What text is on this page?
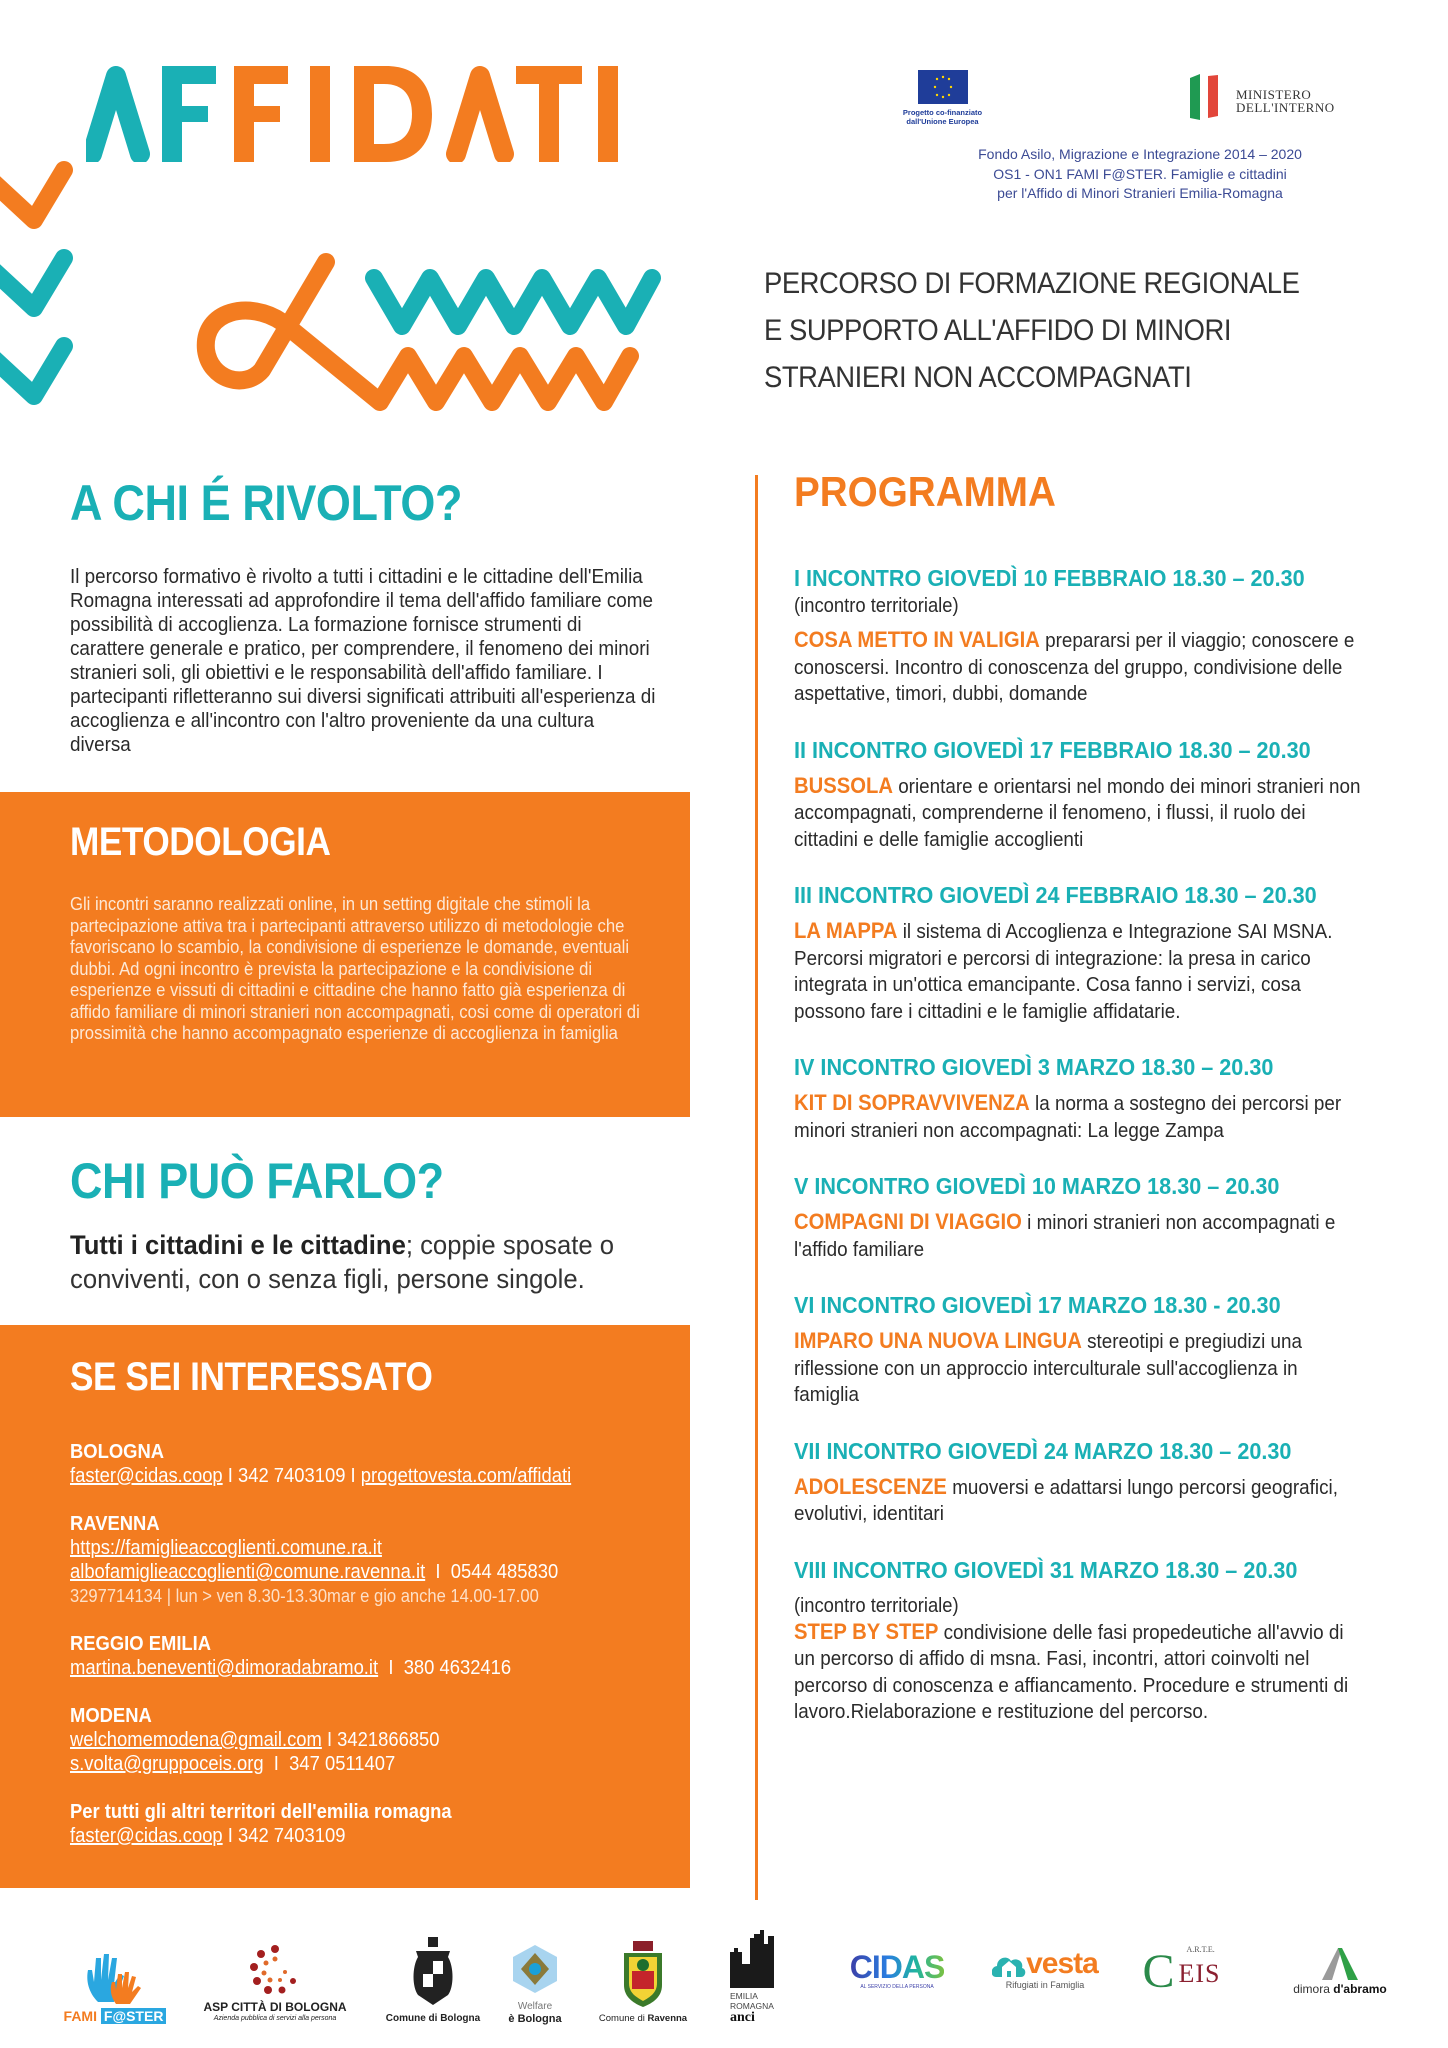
Progetto co-finanziato
dall'Unione Europea
MINISTERO
DELL'INTERNO
Fondo Asilo, Migrazione e Integrazione 2014 – 2020
OS1 - ON1 FAMI F@STER. Famiglie e cittadini
per l'Affido di Minori Stranieri Emilia-Romagna
PERCORSO DI FORMAZIONE REGIONALE
E SUPPORTO ALL'AFFIDO DI MINORI
STRANIERI NON ACCOMPAGNATI
A CHI É RIVOLTO?
Il percorso formativo è rivolto a tutti i cittadini e le cittadine dell'Emilia Romagna interessati ad approfondire il tema dell'affido familiare come possibilità di accoglienza. La formazione fornisce strumenti di carattere generale e pratico, per comprendere, il fenomeno dei minori stranieri soli, gli obiettivi e le responsabilità dell'affido familiare. I partecipanti rifletteranno sui diversi significati attribuiti all'esperienza di accoglienza e all'incontro con l'altro proveniente da una cultura diversa
METODOLOGIA
Gli incontri saranno realizzati online, in un setting digitale che stimoli la partecipazione attiva tra i partecipanti attraverso utilizzo di metodologie che favoriscano lo scambio, la condivisione di esperienze le domande, eventuali dubbi. Ad ogni incontro è prevista la partecipazione e la condivisione di esperienze e vissuti di cittadini e cittadine che hanno fatto già esperienza di affido familiare di minori stranieri non accompagnati, cosi come di operatori di prossimità che hanno accompagnato esperienze di accoglienza in famiglia
CHI PUÒ FARLO?
Tutti i cittadini e le cittadine; coppie sposate o conviventi, con o senza figli, persone singole.
SE SEI INTERESSATO
BOLOGNA
faster@cidas.coop I 342 7403109 I progettovesta.com/affidati
RAVENNA
https://famiglieaccoglienti.comune.ra.it
albofamiglieaccoglienti@comune.ravenna.it  I  0544 485830
3297714134 | lun > ven 8.30-13.30mar e gio anche 14.00-17.00
REGGIO EMILIA
martina.beneventi@dimoradabramo.it  I  380 4632416
MODENA
welchomemodena@gmail.com I 3421866850
s.volta@gruppoceis.org  I  347 0511407
Per tutti gli altri territori dell'emilia romagna
faster@cidas.coop I 342 7403109
PROGRAMMA
I INCONTRO GIOVEDÌ 10 FEBBRAIO 18.30 – 20.30
(incontro territoriale)
COSA METTO IN VALIGIA prepararsi per il viaggio; conoscere e conoscersi. Incontro di conoscenza del gruppo, condivisione delle aspettative, timori, dubbi, domande
II INCONTRO GIOVEDÌ 17 FEBBRAIO 18.30 – 20.30
BUSSOLA orientare e orientarsi nel mondo dei minori stranieri non accompagnati, comprenderne il fenomeno, i flussi, il ruolo dei cittadini e delle famiglie accoglienti
III INCONTRO GIOVEDÌ 24 FEBBRAIO 18.30 – 20.30
LA MAPPA il sistema di Accoglienza e Integrazione SAI MSNA. Percorsi migratori e percorsi di integrazione: la presa in carico integrata in un'ottica emancipante. Cosa fanno i servizi, cosa possono fare i cittadini e le famiglie affidatarie.
IV INCONTRO GIOVEDÌ 3 MARZO 18.30 – 20.30
KIT DI SOPRAVVIVENZA la norma a sostegno dei percorsi per minori stranieri non accompagnati: La legge Zampa
V INCONTRO GIOVEDÌ 10 MARZO 18.30 – 20.30
COMPAGNI DI VIAGGIO i minori stranieri non accompagnati e l'affido familiare
VI INCONTRO GIOVEDÌ 17 MARZO 18.30 - 20.30
IMPARO UNA NUOVA LINGUA stereotipi e pregiudizi una riflessione con un approccio interculturale sull'accoglienza in famiglia
VII INCONTRO GIOVEDÌ 24 MARZO 18.30 – 20.30
ADOLESCENZE muoversi e adattarsi lungo percorsi geografici, evolutivi, identitari
VIII INCONTRO GIOVEDÌ 31 MARZO 18.30 – 20.30
(incontro territoriale)
STEP BY STEP condivisione delle fasi propedeutiche all'avvio di un percorso di affido di msna. Fasi, incontri, attori coinvolti nel percorso di conoscenza e affiancamento. Procedure e strumenti di lavoro.Rielaborazione e restituzione del percorso.
FAMI F@STER
ASP CITTÀ DI BOLOGNA
Azienda pubblica di servizi alla persona	Comune di Bologna
Welfare
è Bologna	Comune di Ravenna
EMILIA
ROMAGNA
anci
CIDAS
AL SERVIZIO DELLA PERSONA
vesta
Rifugiati in Famiglia C A.R.T.E.
EIS
dimora d'abramo
